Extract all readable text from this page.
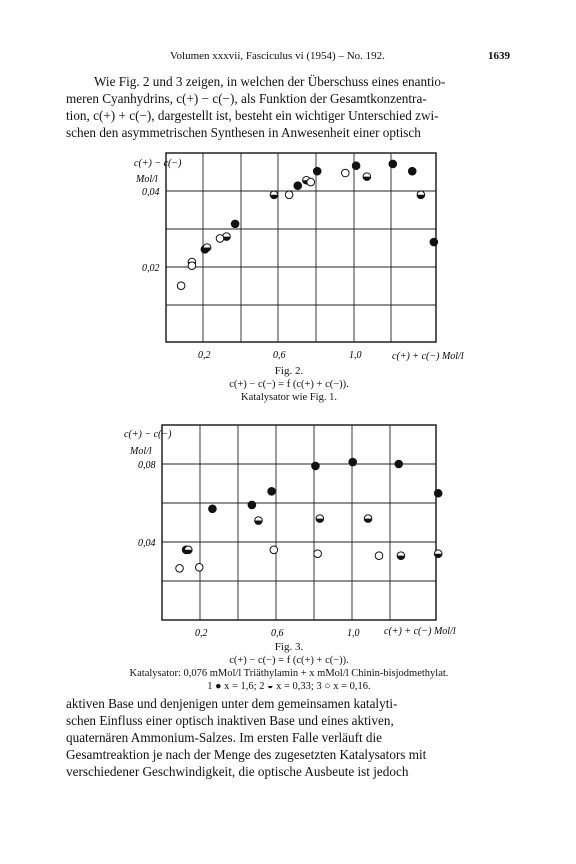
Volumen xxxvii, Fasciculus vi (1954) – No. 192.	1639
Wie Fig. 2 und 3 zeigen, in welchen der Überschuss eines enantio-
meren Cyanhydrins, c(+) − c(−), als Funktion der Gesamtkonzentra-
tion, c(+) + c(−), dargestellt ist, besteht ein wichtiger Unterschied zwi-
schen den asymmetrischen Synthesen in Anwesenheit einer optisch
0,2	0,6	1,0
0,04
0,02
0,2	0,6	1,0
0,08
0,04
c(+) − c(−)
Mol/l
c(+) + c(−) Mol/l
c(+) − c(−)
Mol/l
c(+) + c(−) Mol/l
Fig. 2.
c(+) − c(−) = f (c(+) + c(−)).
Katalysator wie Fig. 1.
Fig. 3.
c(+) − c(−) = f (c(+) + c(−)).
Katalysator: 0,076 mMol/l Triäthylamin + x mMol/l Chinin-bisjodmethylat.
1 ● x = 1,6; 2 ◒ x = 0,33; 3 ○ x = 0,16.
aktiven Base und denjenigen unter dem gemeinsamen katalyti-
schen Einfluss einer optisch inaktiven Base und eines aktiven,
quaternären Ammonium-Salzes. Im ersten Falle verläuft die
Gesamtreaktion je nach der Menge des zugesetzten Katalysators mit
verschiedener Geschwindigkeit, die optische Ausbeute ist jedoch
